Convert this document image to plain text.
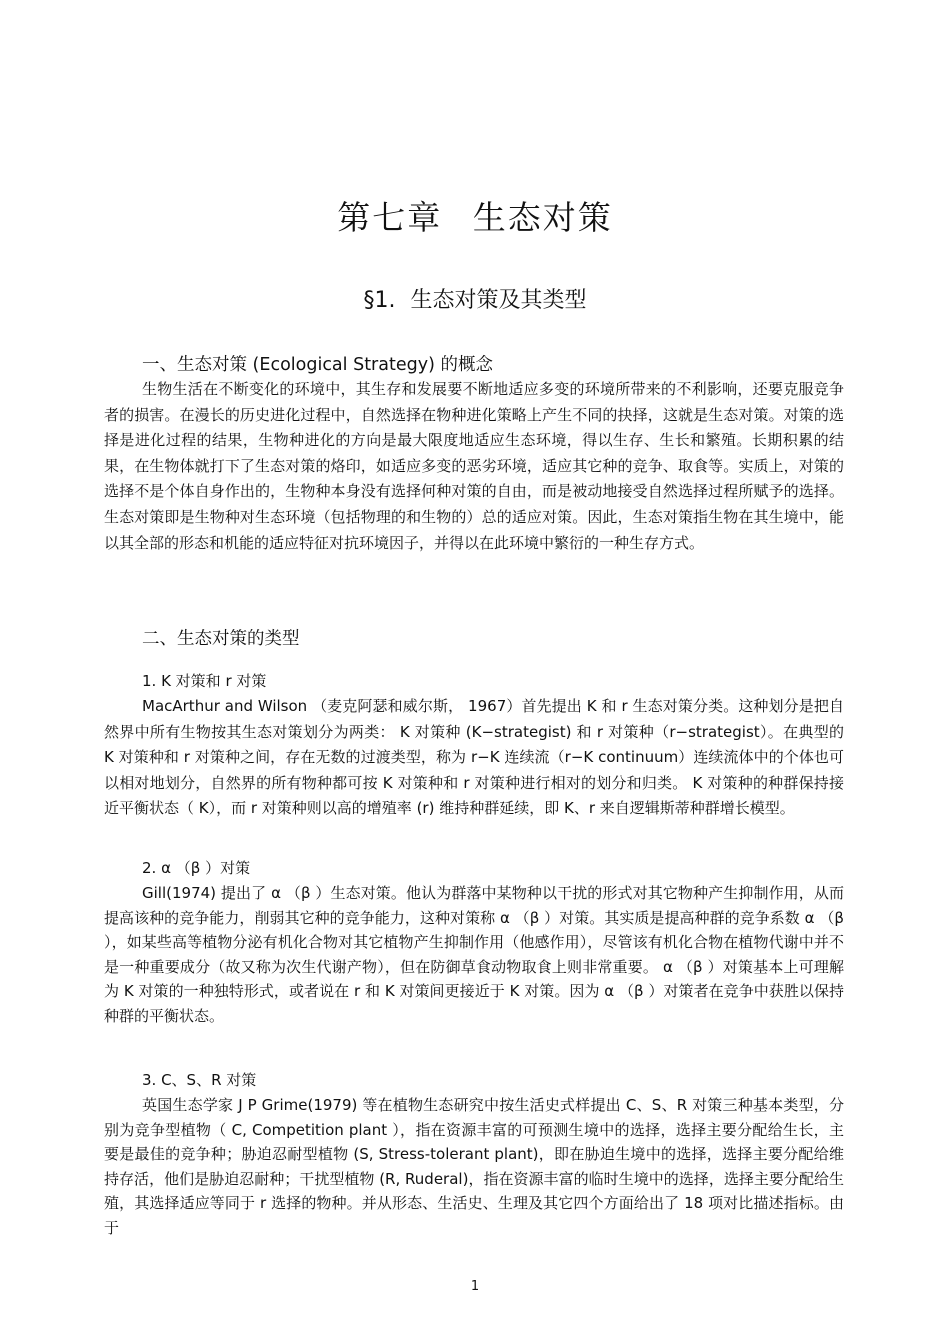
第七章 生态对策
§1. 生态对策及其类型
一、生态对策 (Ecological Strategy) 的概念

生物生活在不断变化的环境中，其生存和发展要不断地适应多变的环境所带来的不利影响，还要克服竞争者的损害。在漫长的历史进化过程中，自然选择在物种进化策略上产生不同的抉择，这就是生态对策。对策的选择是进化过程的结果，生物种进化的方向是最大限度地适应生态环境，得以生存、生长和繁殖。长期积累的结果，在生物体就打下了生态对策的烙印，如适应多变的恶劣环境，适应其它种的竞争、取食等。实质上，对策的选择不是个体自身作出的，生物种本身没有选择何种对策的自由，而是被动地接受自然选择过程所赋予的选择。生态对策即是生物种对生态环境（包括物理的和生物的）总的适应对策。因此，生态对策指生物在其生境中，能以其全部的形态和机能的适应特征对抗环境因子，并得以在此环境中繁衍的一种生存方式。

二、生态对策的类型
1. K 对策和 r 对策

MacArthur and Wilson （麦克阿瑟和威尔斯， 1967）首先提出 K 和 r 生态对策分类。这种划分是把自然界中所有生物按其生态对策划分为两类： K 对策种 (K−strategist) 和 r 对策种（r−strategist）。在典型的 K 对策种和 r 对策种之间，存在无数的过渡类型，称为 r−K 连续流（r−K continuum）连续流体中的个体也可以相对地划分，自然界的所有物种都可按 K 对策种和 r 对策种进行相对的划分和归类。 K 对策种的种群保持接近平衡状态（ K），而 r 对策种则以高的增殖率 (r) 维持种群延续，即 K、r 来自逻辑斯蒂种群增长模型。

2. α （β ）对策

Gill(1974) 提出了 α （β ）生态对策。他认为群落中某物种以干扰的形式对其它物种产生抑制作用，从而提高该种的竞争能力，削弱其它种的竞争能力，这种对策称 α （β ）对策。其实质是提高种群的竞争系数 α （β ），如某些高等植物分泌有机化合物对其它植物产生抑制作用（他感作用），尽管该有机化合物在植物代谢中并不是一种重要成分（故又称为次生代谢产物），但在防御草食动物取食上则非常重要。 α （β ）对策基本上可理解为 K 对策的一种独特形式，或者说在 r 和 K 对策间更接近于 K 对策。因为 α （β ）对策者在竞争中获胜以保持种群的平衡状态。

3. C、S、R 对策

英国生态学家 J P Grime(1979) 等在植物生态研究中按生活史式样提出 C、S、R 对策三种基本类型，分别为竞争型植物（ C, Competition plant ），指在资源丰富的可预测生境中的选择，选择主要分配给生长，主要是最佳的竞争种；胁迫忍耐型植物 (S, Stress-tolerant plant)，即在胁迫生境中的选择，选择主要分配给维持存活，他们是胁迫忍耐种；干扰型植物 (R, Ruderal)，指在资源丰富的临时生境中的选择，选择主要分配给生殖，其选择适应等同于 r 选择的物种。并从形态、生活史、生理及其它四个方面给出了 18 项对比描述指标。由于

1
